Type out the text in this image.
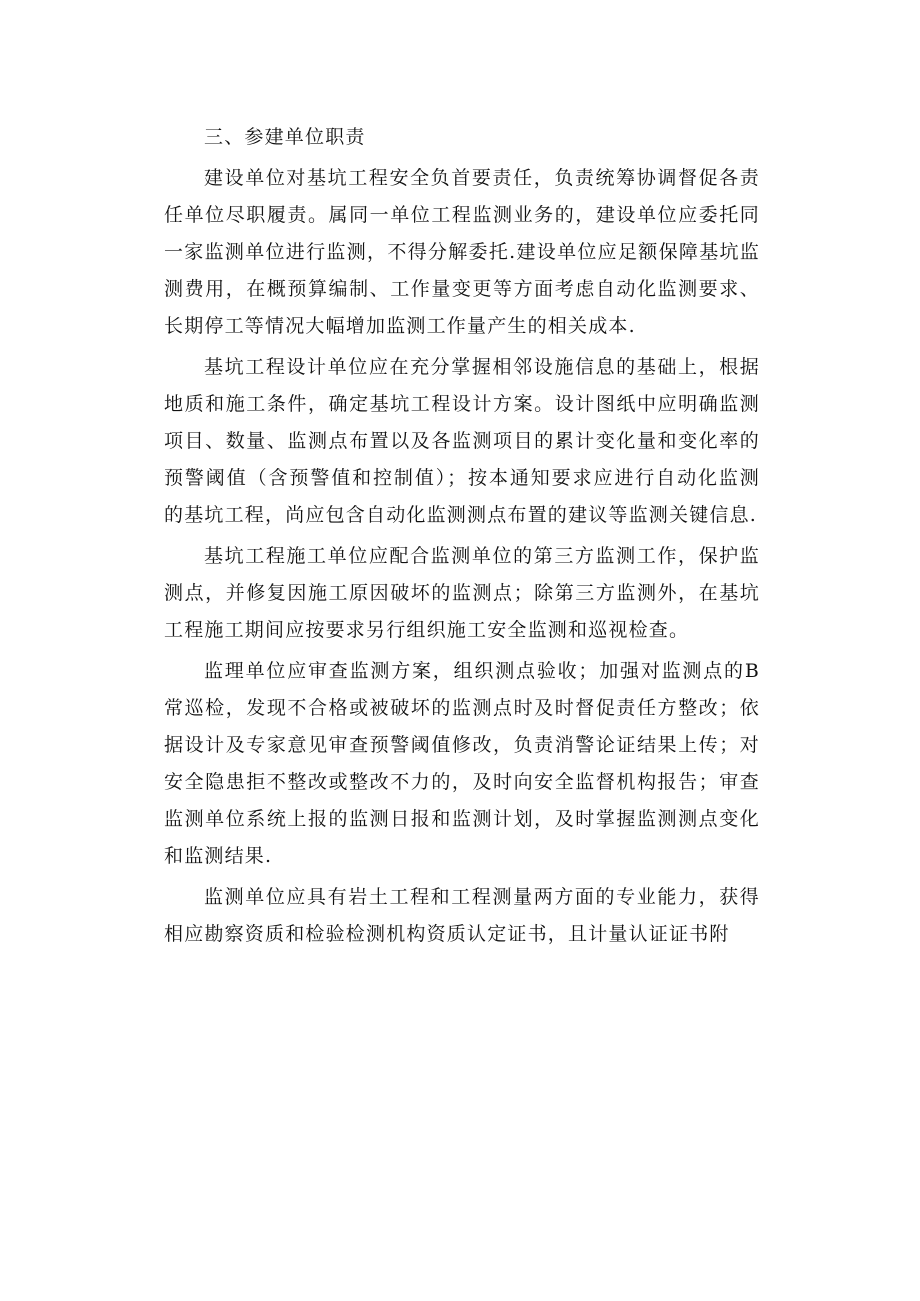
三、参建单位职责

建设单位对基坑工程安全负首要责任，负责统筹协调督促各责任单位尽职履责。属同一单位工程监测业务的，建设单位应委托同一家监测单位进行监测，不得分解委托.建设单位应足额保障基坑监测费用，在概预算编制、工作量变更等方面考虑自动化监测要求、长期停工等情况大幅增加监测工作量产生的相关成本.

基坑工程设计单位应在充分掌握相邻设施信息的基础上，根据地质和施工条件，确定基坑工程设计方案。设计图纸中应明确监测项目、数量、监测点布置以及各监测项目的累计变化量和变化率的预警阈值（含预警值和控制值）；按本通知要求应进行自动化监测的基坑工程，尚应包含自动化监测测点布置的建议等监测关键信息.

基坑工程施工单位应配合监测单位的第三方监测工作，保护监测点，并修复因施工原因破坏的监测点；除第三方监测外，在基坑工程施工期间应按要求另行组织施工安全监测和巡视检查。

监理单位应审查监测方案，组织测点验收；加强对监测点的B常巡检，发现不合格或被破坏的监测点时及时督促责任方整改；依据设计及专家意见审查预警阈值修改，负责消警论证结果上传；对安全隐患拒不整改或整改不力的，及时向安全监督机构报告；审查监测单位系统上报的监测日报和监测计划，及时掌握监测测点变化和监测结果.

监测单位应具有岩土工程和工程测量两方面的专业能力，获得相应勘察资质和检验检测机构资质认定证书，且计量认证证书附
